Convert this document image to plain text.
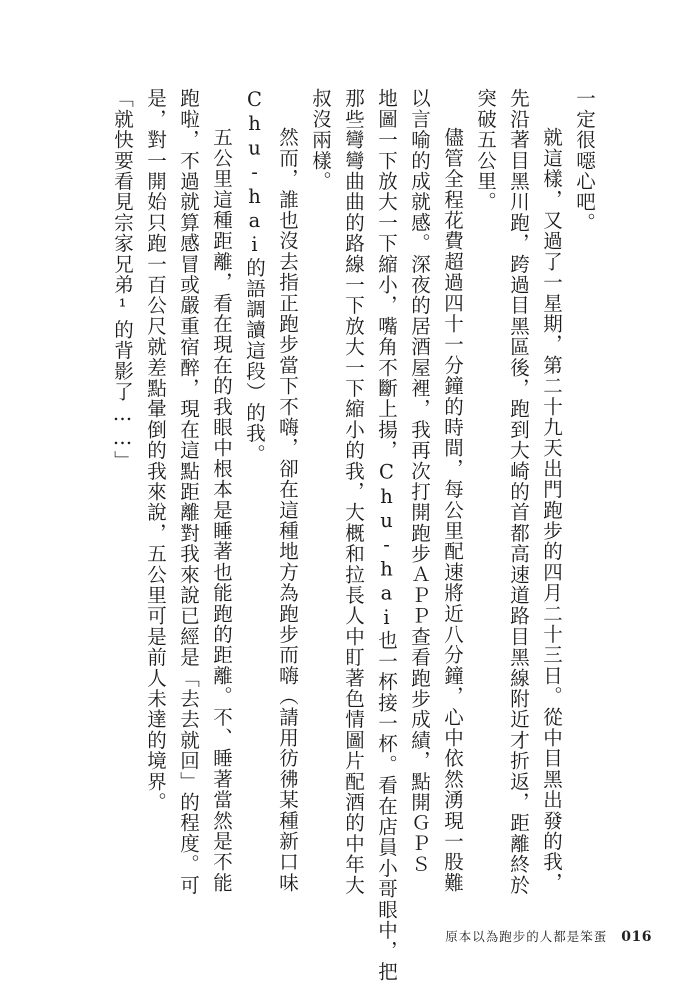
一定很噁心吧。
就這樣，又過了一星期，第二十九天出門跑步的四月二十三日。從中目黑出發的我，
先沿著目黑川跑，跨過目黑區後，跑到大崎的首都高速道路目黑線附近才折返，距離終於
突破五公里。
儘管全程花費超過四十一分鐘的時間，每公里配速將近八分鐘，心中依然湧現一股難
以言喻的成就感。深夜的居酒屋裡，我再次打開跑步ＡＰＰ查看跑步成績，點開ＧＰＳ
地圖一下放大一下縮小，嘴角不斷上揚，Chu-hai也一杯接一杯。看在店員小哥眼中，把
那些彎彎曲曲的路線一下放大一下縮小的我，大概和拉長人中盯著色情圖片配酒的中年大
叔沒兩樣。
然而，誰也沒去指正跑步當下不嗨，卻在這種地方為跑步而嗨（請用彷彿某種新口味
Chu-hai的語調讀這段）的我。
五公里這種距離，看在現在的我眼中根本是睡著也能跑的距離。不、睡著當然是不能
跑啦，不過就算感冒或嚴重宿醉，現在這點距離對我來說已經是「去去就回」的程度。可
是，對一開始只跑一百公尺就差點暈倒的我來說，五公里可是前人未達的境界。
「就快要看見宗家兄弟¹的背影了……」
原本以為跑步的人都是笨蛋 016
